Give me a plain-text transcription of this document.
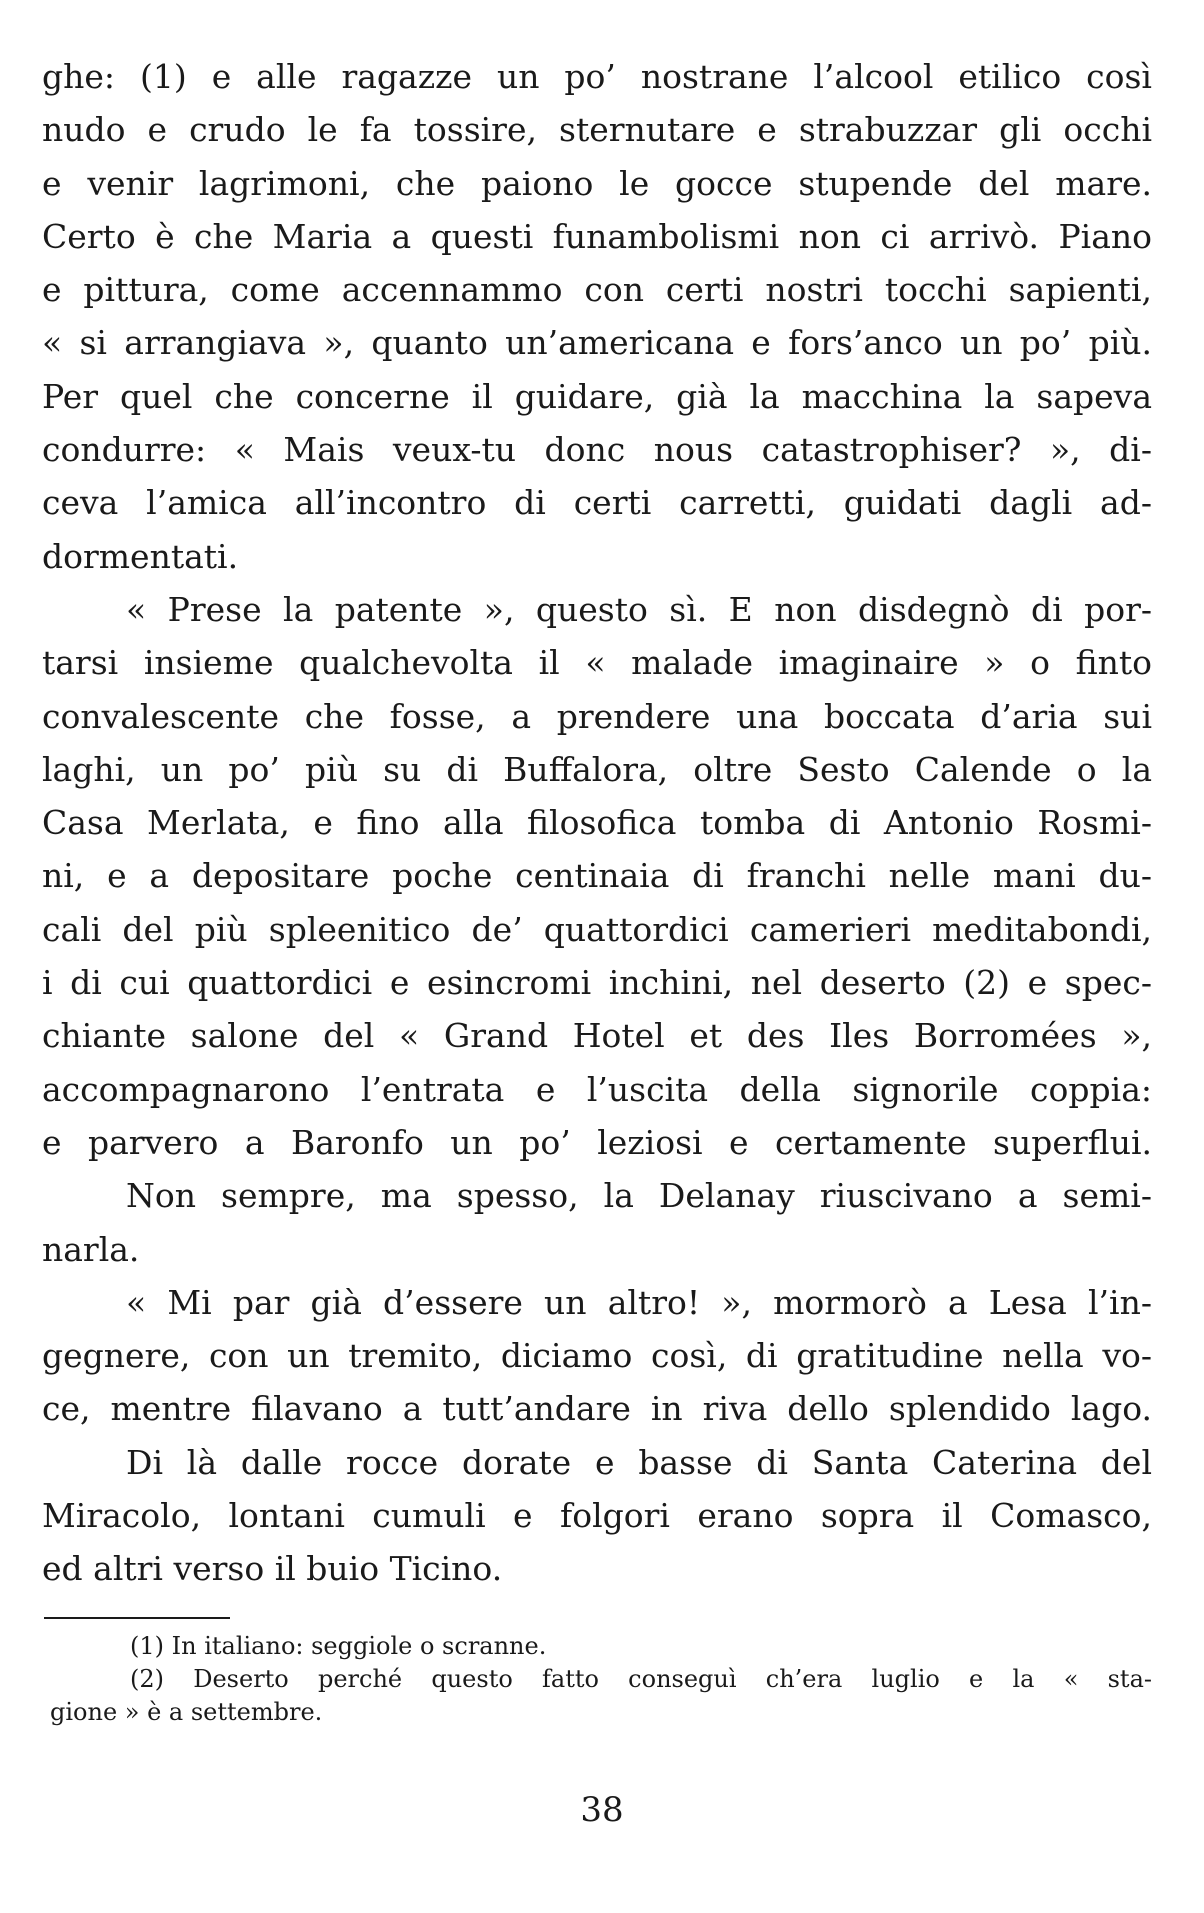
ghe: (1) e alle ragazze un po’ nostrane l’alcool etilico così
nudo e crudo le fa tossire, sternutare e strabuzzar gli occhi
e venir lagrimoni, che paiono le gocce stupende del mare.
Certo è che Maria a questi funambolismi non ci arrivò. Piano
e pittura, come accennammo con certi nostri tocchi sapienti,
« si arrangiava », quanto un’americana e fors’anco un po’ più.
Per quel che concerne il guidare, già la macchina la sapeva
condurre: « Mais veux-tu donc nous catastrophiser? », di-
ceva l’amica all’incontro di certi carretti, guidati dagli ad-
dormentati.
« Prese la patente », questo sì. E non disdegnò di por-
tarsi insieme qualchevolta il « malade imaginaire » o finto
convalescente che fosse, a prendere una boccata d’aria sui
laghi, un po’ più su di Buffalora, oltre Sesto Calende o la
Casa Merlata, e fino alla filosofica tomba di Antonio Rosmi-
ni, e a depositare poche centinaia di franchi nelle mani du-
cali del più spleenitico de’ quattordici camerieri meditabondi,
i di cui quattordici e esincromi inchini, nel deserto (2) e spec-
chiante salone del « Grand Hotel et des Iles Borromées »,
accompagnarono l’entrata e l’uscita della signorile coppia:
e parvero a Baronfo un po’ leziosi e certamente superflui.
Non sempre, ma spesso, la Delanay riuscivano a semi-
narla.
« Mi par già d’essere un altro! », mormorò a Lesa l’in-
gegnere, con un tremito, diciamo così, di gratitudine nella vo-
ce, mentre filavano a tutt’andare in riva dello splendido lago.
Di là dalle rocce dorate e basse di Santa Caterina del
Miracolo, lontani cumuli e folgori erano sopra il Comasco,
ed altri verso il buio Ticino.
(1) In italiano: seggiole o scranne.
(2) Deserto perché questo fatto conseguì ch’era luglio e la « sta-
gione » è a settembre.
38
